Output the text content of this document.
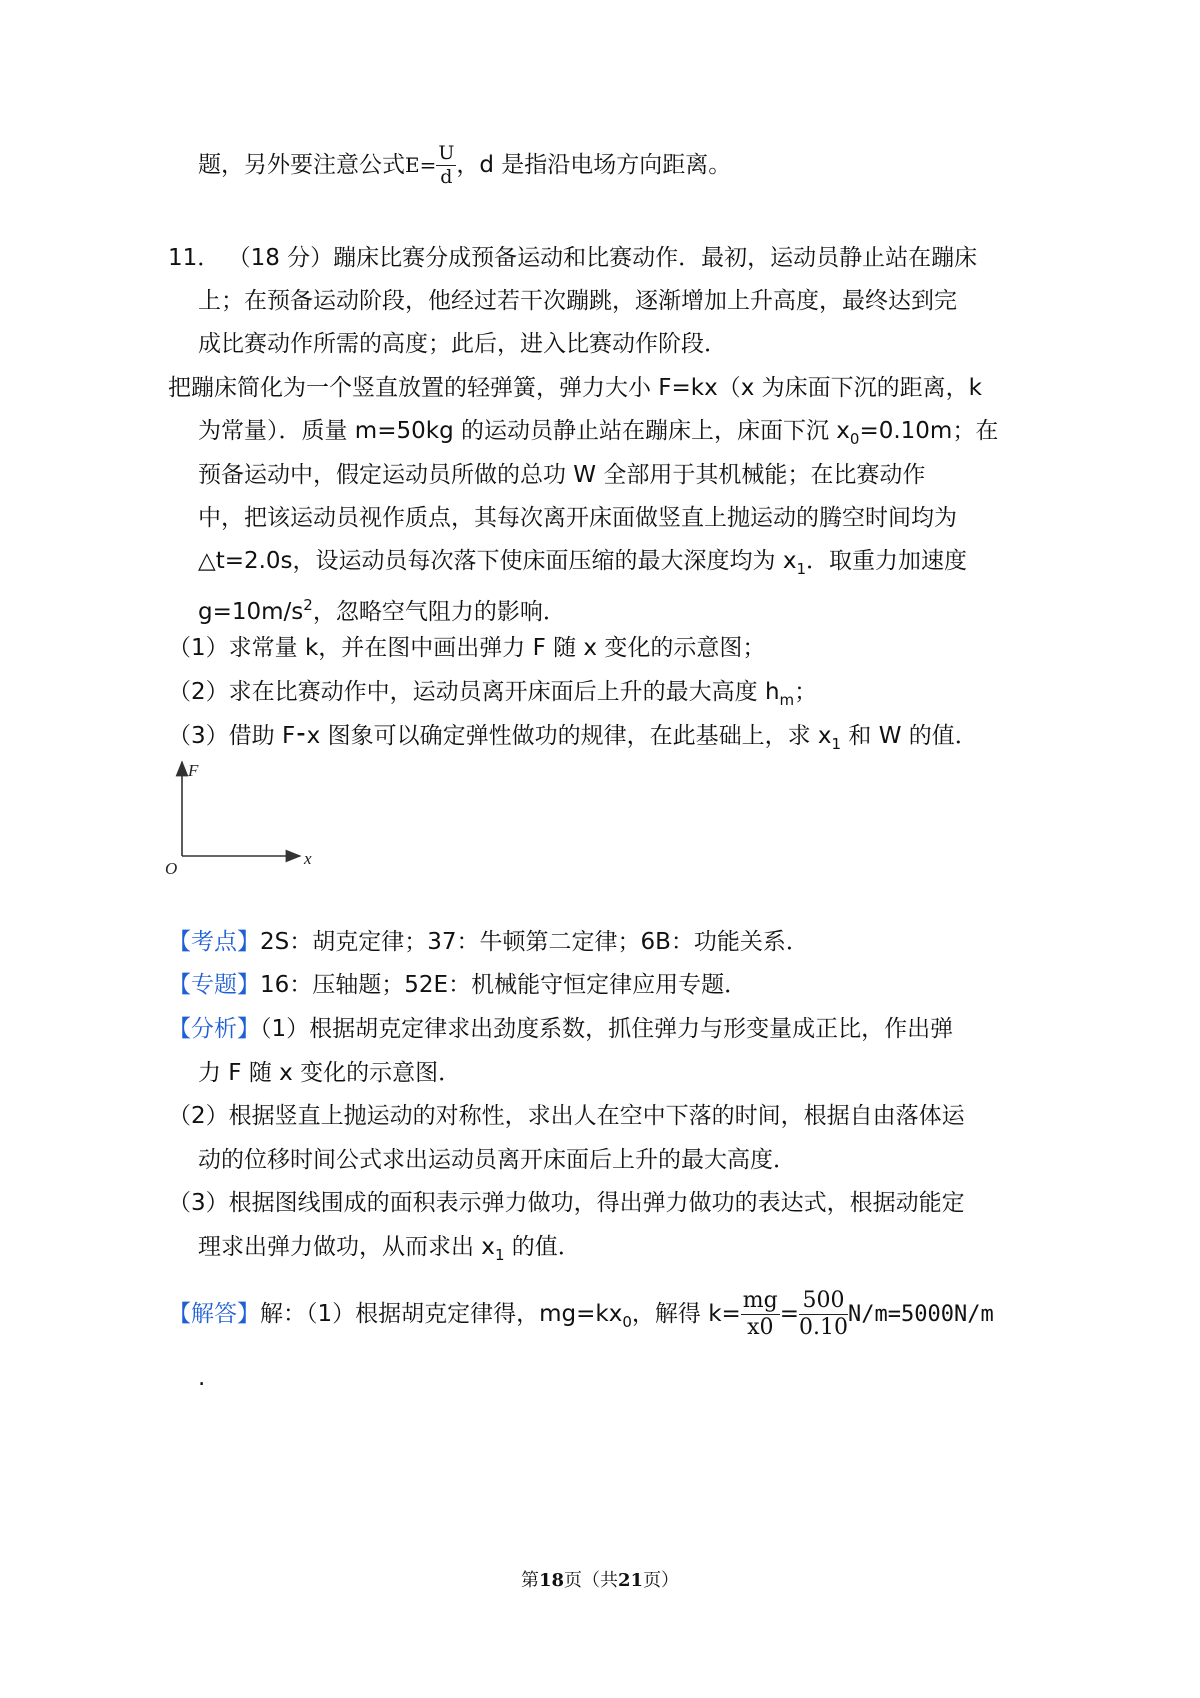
题，另外要注意公式$E= \frac{U}{d}$ ，d 是指沿电场方向距离。
11． （18 分）蹦床比赛分成预备运动和比赛动作．最初，运动员静止站在蹦床
上；在预备运动阶段，他经过若干次蹦跳，逐渐增加上升高度，最终达到完
成比赛动作所需的高度；此后，进入比赛动作阶段．
把蹦床简化为一个竖直放置的轻弹簧，弹力大小 F=kx（x 为床面下沉的距离，k
为常量）．质量 m=50kg 的运动员静止站在蹦床上，床面下沉 $x_0=0.10m$；在
预备运动中，假定运动员所做的总功 W 全部用于其机械能；在比赛动作
中，把该运动员视作质点，其每次离开床面做竖直上抛运动的腾空时间均为
△t=2.0s，设运动员每次落下使床面压缩的最大深度均为 $x_1$．取重力加速度
$g=10m/s^2$，忽略空气阻力的影响．
（1）求常量 k，并在图中画出弹力 F 随 x 变化的示意图；
（2）求在比赛动作中，运动员离开床面后上升的最大高度 $h_m$；
（3）借助 F⁃x 图象可以确定弹性做功的规律，在此基础上，求 $x_1$ 和 W 的值．
F
x
O
【考点】2S：胡克定律；37：牛顿第二定律；6B：功能关系．
【专题】16：压轴题；52E：机械能守恒定律应用专题．
【分析】（1）根据胡克定律求出劲度系数，抓住弹力与形变量成正比，作出弹
力 F 随 x 变化的示意图．
（2）根据竖直上抛运动的对称性，求出人在空中下落的时间，根据自由落体运
动的位移时间公式求出运动员离开床面后上升的最大高度．
（3）根据图线围成的面积表示弹力做功，得出弹力做功的表达式，根据动能定
理求出弹力做功，从而求出 $x_1$ 的值．
【解答】解：（1）根据胡克定律得，$mg=kx_0$，解得 $k= \frac{mg}{x0} = \frac{500}{0.10} N/m=5000N/m$
.
第18页（共21页）
